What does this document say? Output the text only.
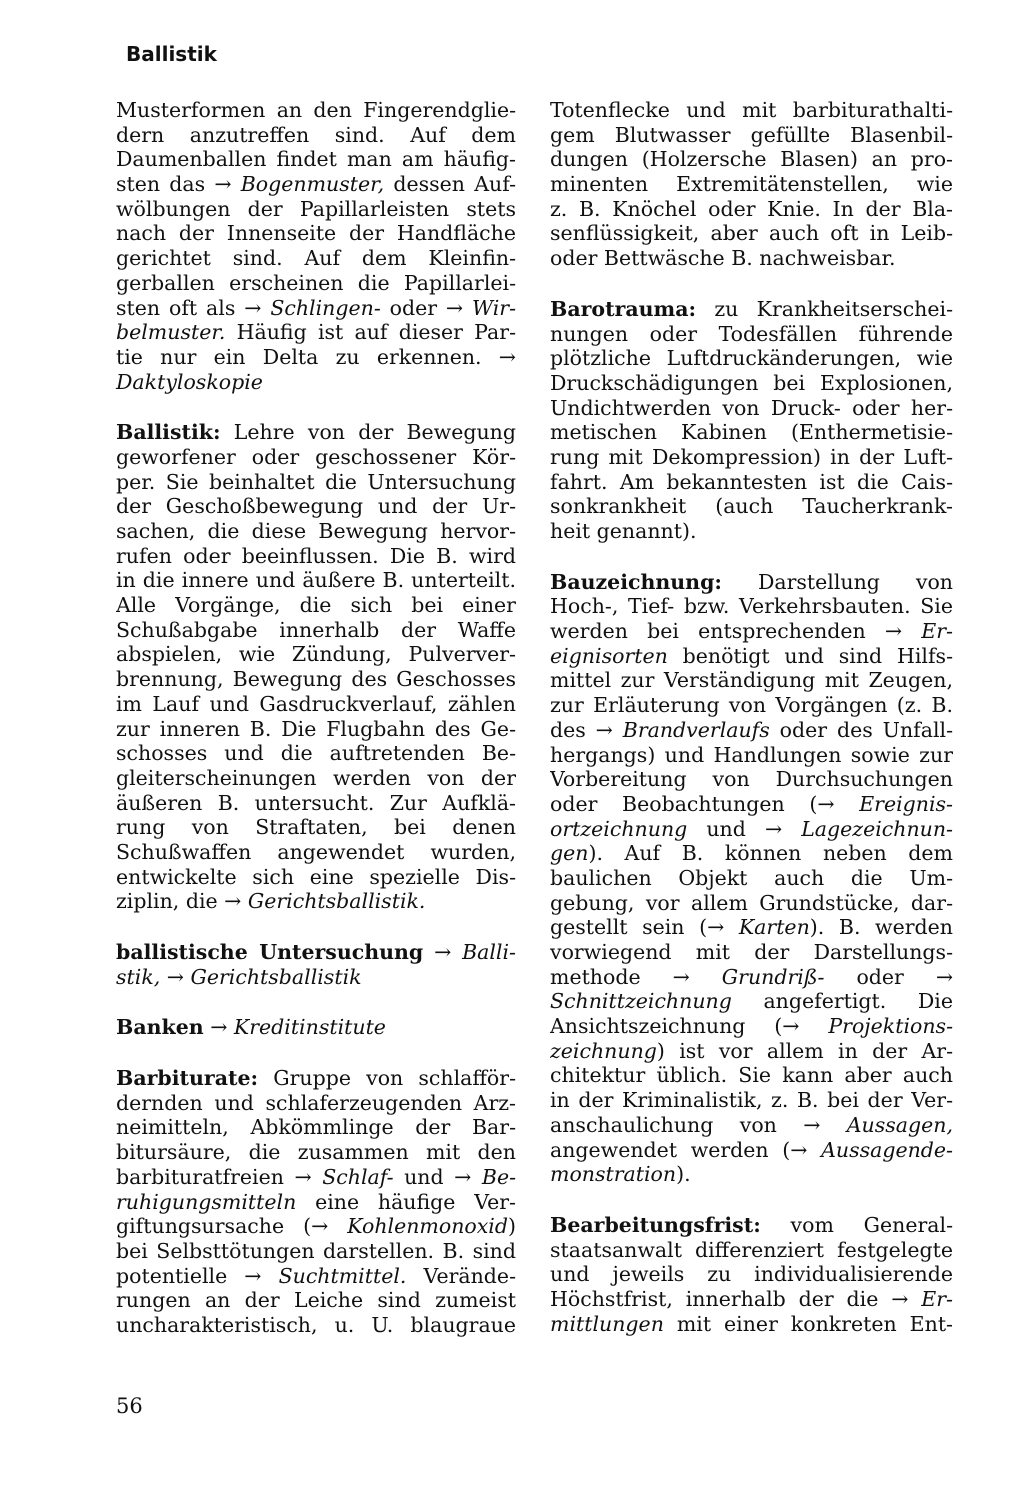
Ballistik
Musterformen an den Fingerendglie-
dern anzutreffen sind. Auf dem
Daumenballen findet man am häufig-
sten das → Bogenmuster, dessen Auf-
wölbungen der Papillarleisten stets
nach der Innenseite der Handfläche
gerichtet sind. Auf dem Kleinfin-
gerballen erscheinen die Papillarlei-
sten oft als → Schlingen- oder → Wir-
belmuster. Häufig ist auf dieser Par-
tie nur ein Delta zu erkennen. →
Daktyloskopie
Ballistik: Lehre von der Bewegung
geworfener oder geschossener Kör-
per. Sie beinhaltet die Untersuchung
der Geschoßbewegung und der Ur-
sachen, die diese Bewegung hervor-
rufen oder beeinflussen. Die B. wird
in die innere und äußere B. unterteilt.
Alle Vorgänge, die sich bei einer
Schußabgabe innerhalb der Waffe
abspielen, wie Zündung, Pulverver-
brennung, Bewegung des Geschosses
im Lauf und Gasdruckverlauf, zählen
zur inneren B. Die Flugbahn des Ge-
schosses und die auftretenden Be-
gleiterscheinungen werden von der
äußeren B. untersucht. Zur Aufklä-
rung von Straftaten, bei denen
Schußwaffen angewendet wurden,
entwickelte sich eine spezielle Dis-
ziplin, die → Gerichtsballistik.
ballistische Untersuchung → Balli-
stik, → Gerichtsballistik
Banken → Kreditinstitute
Barbiturate: Gruppe von schlafför-
dernden und schlaferzeugenden Arz-
neimitteln, Abkömmlinge der Bar-
bitursäure, die zusammen mit den
barbituratfreien → Schlaf- und → Be-
ruhigungsmitteln eine häufige Ver-
giftungsursache (→ Kohlenmonoxid)
bei Selbsttötungen darstellen. B. sind
potentielle → Suchtmittel. Verände-
rungen an der Leiche sind zumeist
uncharakteristisch, u. U. blaugraue
Totenflecke und mit barbiturathalti-
gem Blutwasser gefüllte Blasenbil-
dungen (Holzersche Blasen) an pro-
minenten Extremitätenstellen, wie
z. B. Knöchel oder Knie. In der Bla-
senflüssigkeit, aber auch oft in Leib-
oder Bettwäsche B. nachweisbar.
Barotrauma: zu Krankheitserschei-
nungen oder Todesfällen führende
plötzliche Luftdruckänderungen, wie
Druckschädigungen bei Explosionen,
Undichtwerden von Druck- oder her-
metischen Kabinen (Enthermetisie-
rung mit Dekompression) in der Luft-
fahrt. Am bekanntesten ist die Cais-
sonkrankheit (auch Taucherkrank-
heit genannt).
Bauzeichnung: Darstellung von
Hoch-, Tief- bzw. Verkehrsbauten. Sie
werden bei entsprechenden → Er-
eignisorten benötigt und sind Hilfs-
mittel zur Verständigung mit Zeugen,
zur Erläuterung von Vorgängen (z. B.
des → Brandverlaufs oder des Unfall-
hergangs) und Handlungen sowie zur
Vorbereitung von Durchsuchungen
oder Beobachtungen (→ Ereignis-
ortzeichnung und → Lagezeichnun-
gen). Auf B. können neben dem
baulichen Objekt auch die Um-
gebung, vor allem Grundstücke, dar-
gestellt sein (→ Karten). B. werden
vorwiegend mit der Darstellungs-
methode → Grundriß- oder →
Schnittzeichnung angefertigt. Die
Ansichtszeichnung (→ Projektions-
zeichnung) ist vor allem in der Ar-
chitektur üblich. Sie kann aber auch
in der Kriminalistik, z. B. bei der Ver-
anschaulichung von → Aussagen,
angewendet werden (→ Aussagende-
monstration).
Bearbeitungsfrist: vom General-
staatsanwalt differenziert festgelegte
und jeweils zu individualisierende
Höchstfrist, innerhalb der die → Er-
mittlungen mit einer konkreten Ent-
56
